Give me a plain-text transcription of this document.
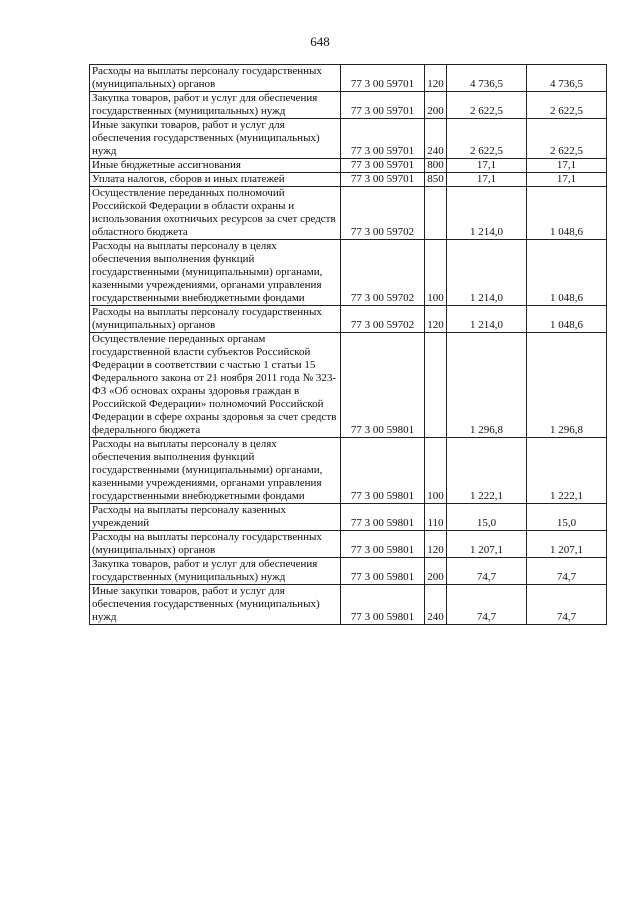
648
Расходы на выплаты персоналу государственных (муниципальных) органов	77 3 00 59701	120	4 736,5	4 736,5
Закупка товаров, работ и услуг для обеспечения государственных (муниципальных) нужд	77 3 00 59701	200	2 622,5	2 622,5
Иные закупки товаров, работ и услуг для обеспечения государственных (муниципальных) нужд	77 3 00 59701	240	2 622,5	2 622,5
Иные бюджетные ассигнования	77 3 00 59701	800	17,1	17,1
Уплата налогов, сборов и иных платежей	77 3 00 59701	850	17,1	17,1
Осуществление переданных полномочий Российской Федерации в области охраны и использования охотничьих ресурсов за счет средств областного бюджета	77 3 00 59702		1 214,0	1 048,6
Расходы на выплаты персоналу в целях обеспечения выполнения функций государственными (муниципальными) органами, казенными учреждениями, органами управления государственными внебюджетными фондами	77 3 00 59702	100	1 214,0	1 048,6
Расходы на выплаты персоналу государственных (муниципальных) органов	77 3 00 59702	120	1 214,0	1 048,6
Осуществление переданных органам государственной власти субъектов Российской Федерации в соответствии с частью 1 статьи 15 Федерального закона от 21 ноября 2011 года № 323-ФЗ «Об основах охраны здоровья граждан в Российской Федерации» полномочий Российской Федерации в сфере охраны здоровья за счет средств федерального бюджета	77 3 00 59801		1 296,8	1 296,8
Расходы на выплаты персоналу в целях обеспечения выполнения функций государственными (муниципальными) органами, казенными учреждениями, органами управления государственными внебюджетными фондами	77 3 00 59801	100	1 222,1	1 222,1
Расходы на выплаты персоналу казенных учреждений	77 3 00 59801	110	15,0	15,0
Расходы на выплаты персоналу государственных (муниципальных) органов	77 3 00 59801	120	1 207,1	1 207,1
Закупка товаров, работ и услуг для обеспечения государственных (муниципальных) нужд	77 3 00 59801	200	74,7	74,7
Иные закупки товаров, работ и услуг для обеспечения государственных (муниципальных) нужд	77 3 00 59801	240	74,7	74,7
